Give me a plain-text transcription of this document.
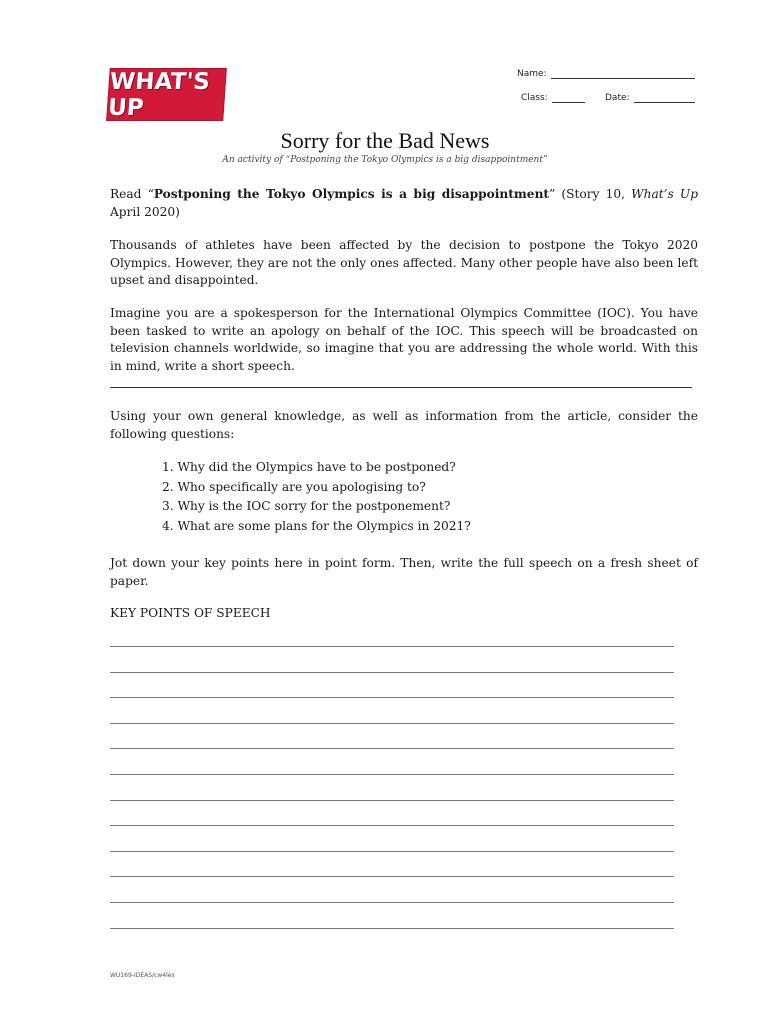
WHAT'S UP
Name:
Class:	Date:
Sorry for the Bad News
An activity of “Postponing the Tokyo Olympics is a big disappointment”

Read “Postponing the Tokyo Olympics is a big disappointment” (Story 10, What’s Up April 2020)

Thousands of athletes have been affected by the decision to postpone the Tokyo 2020 Olympics. However, they are not the only ones affected. Many other people have also been left upset and disappointed.

Imagine you are a spokesperson for the International Olympics Committee (IOC). You have been tasked to write an apology on behalf of the IOC. This speech will be broadcasted on television channels worldwide, so imagine that you are addressing the whole world. With this in mind, write a short speech.

Using your own general knowledge, as well as information from the article, consider the following questions:

1. Why did the Olympics have to be postponed?
2. Who specifically are you apologising to?
3. Why is the IOC sorry for the postponement?
4. What are some plans for the Olympics in 2021?

Jot down your key points here in point form. Then, write the full speech on a fresh sheet of paper.

KEY POINTS OF SPEECH

WU169-IDEAS/cw4les
